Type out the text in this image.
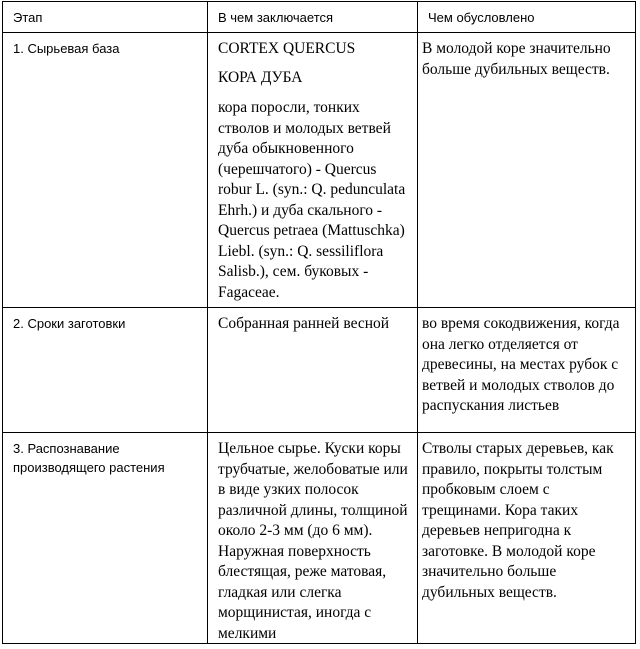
Этап	В чем заключается	Чем обусловлено

1. Сырьевая база	CORTEX QUERCUS

КОРА ДУБА

кора поросли, тонких стволов и молодых ветвей дуба обыкновенного (черешчатого) - Quercus robur L. (syn.: Q. pedunculata Ehrh.) и дуба скального - Quercus petraea (Mattuschka) Liebl. (syn.: Q. sessiliflora Salisb.), сем. буковых - Fagaceae.	В молодой коре значительно больше дубильных веществ.

2. Сроки заготовки	Собранная ранней весной	во время сокодвижения, когда она легко отделяется от древесины, на местах рубок с ветвей и молодых стволов до распускания листьев

3. Распознавание производящего растения	Цельное сырье. Куски коры трубчатые, желобоватые или в виде узких полосок различной длины, толщиной около 2-3 мм (до 6 мм). Наружная поверхность блестящая, реже матовая, гладкая или слегка морщинистая, иногда с мелкими	Стволы старых деревьев, как правило, покрыты толстым пробковым слоем с трещинами. Кора таких деревьев непригодна к заготовке. В молодой коре значительно больше дубильных веществ.
